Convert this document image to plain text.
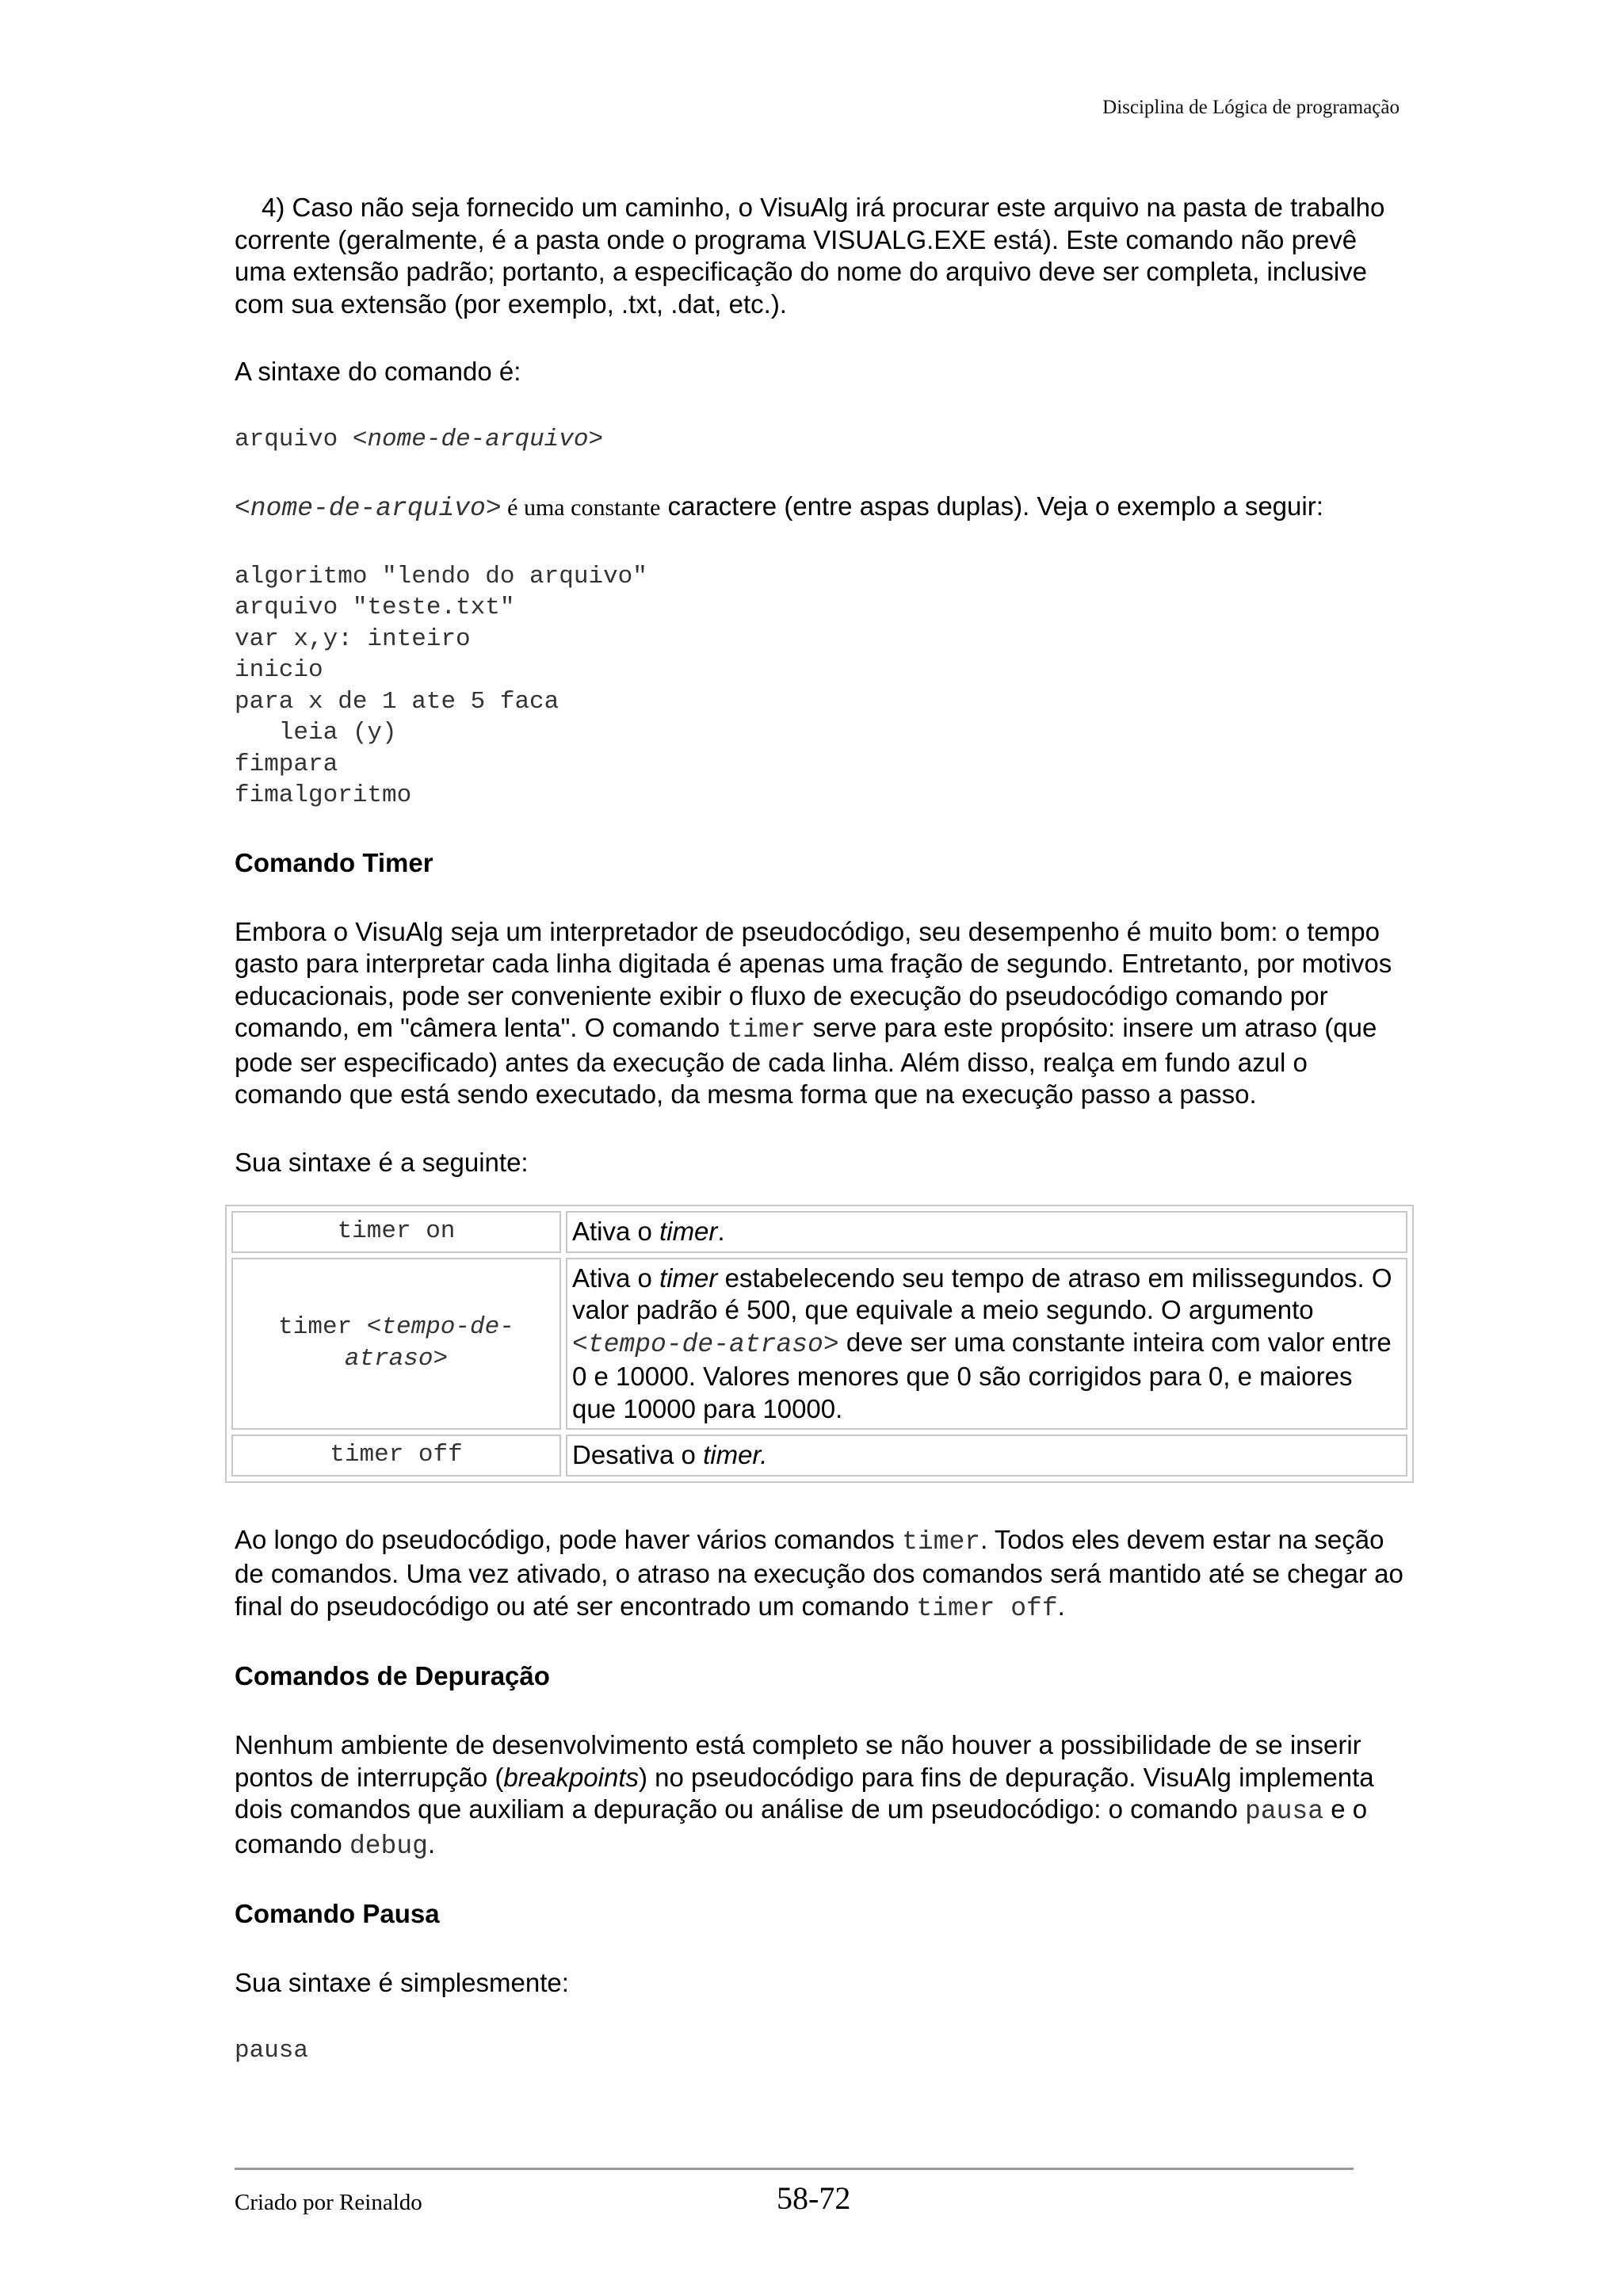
Disciplina de Lógica de programação

4) Caso não seja fornecido um caminho, o VisuAlg irá procurar este arquivo na pasta de trabalho corrente (geralmente, é a pasta onde o programa VISUALG.EXE está). Este comando não prevê uma extensão padrão; portanto, a especificação do nome do arquivo deve ser completa, inclusive com sua extensão (por exemplo, .txt, .dat, etc.).

A sintaxe do comando é:

arquivo <nome-de-arquivo>

<nome-de-arquivo> é uma constante caractere (entre aspas duplas). Veja o exemplo a seguir:

algoritmo "lendo do arquivo"
arquivo "teste.txt"
var x,y: inteiro
inicio
para x de 1 ate 5 faca
leia (y)
fimpara
fimalgoritmo
Comando Timer

Embora o VisuAlg seja um interpretador de pseudocódigo, seu desempenho é muito bom: o tempo gasto para interpretar cada linha digitada é apenas uma fração de segundo. Entretanto, por motivos educacionais, pode ser conveniente exibir o fluxo de execução do pseudocódigo comando por comando, em "câmera lenta". O comando timer serve para este propósito: insere um atraso (que pode ser especificado) antes da execução de cada linha. Além disso, realça em fundo azul o comando que está sendo executado, da mesma forma que na execução passo a passo.

Sua sintaxe é a seguinte:

timer on	Ativa o timer.
timer <tempo-de-atraso>	Ativa o timer estabelecendo seu tempo de atraso em milissegundos. O valor padrão é 500, que equivale a meio segundo. O argumento <tempo-de-atraso> deve ser uma constante inteira com valor entre 0 e 10000. Valores menores que 0 são corrigidos para 0, e maiores que 10000 para 10000.
timer off	Desativa o timer.

Ao longo do pseudocódigo, pode haver vários comandos timer. Todos eles devem estar na seção de comandos. Uma vez ativado, o atraso na execução dos comandos será mantido até se chegar ao final do pseudocódigo ou até ser encontrado um comando timer off.

Comandos de Depuração

Nenhum ambiente de desenvolvimento está completo se não houver a possibilidade de se inserir pontos de interrupção (breakpoints) no pseudocódigo para fins de depuração. VisuAlg implementa dois comandos que auxiliam a depuração ou análise de um pseudocódigo: o comando pausa e o comando debug.

Comando Pausa

Sua sintaxe é simplesmente:

pausa
Criado por Reinaldo	58-72
